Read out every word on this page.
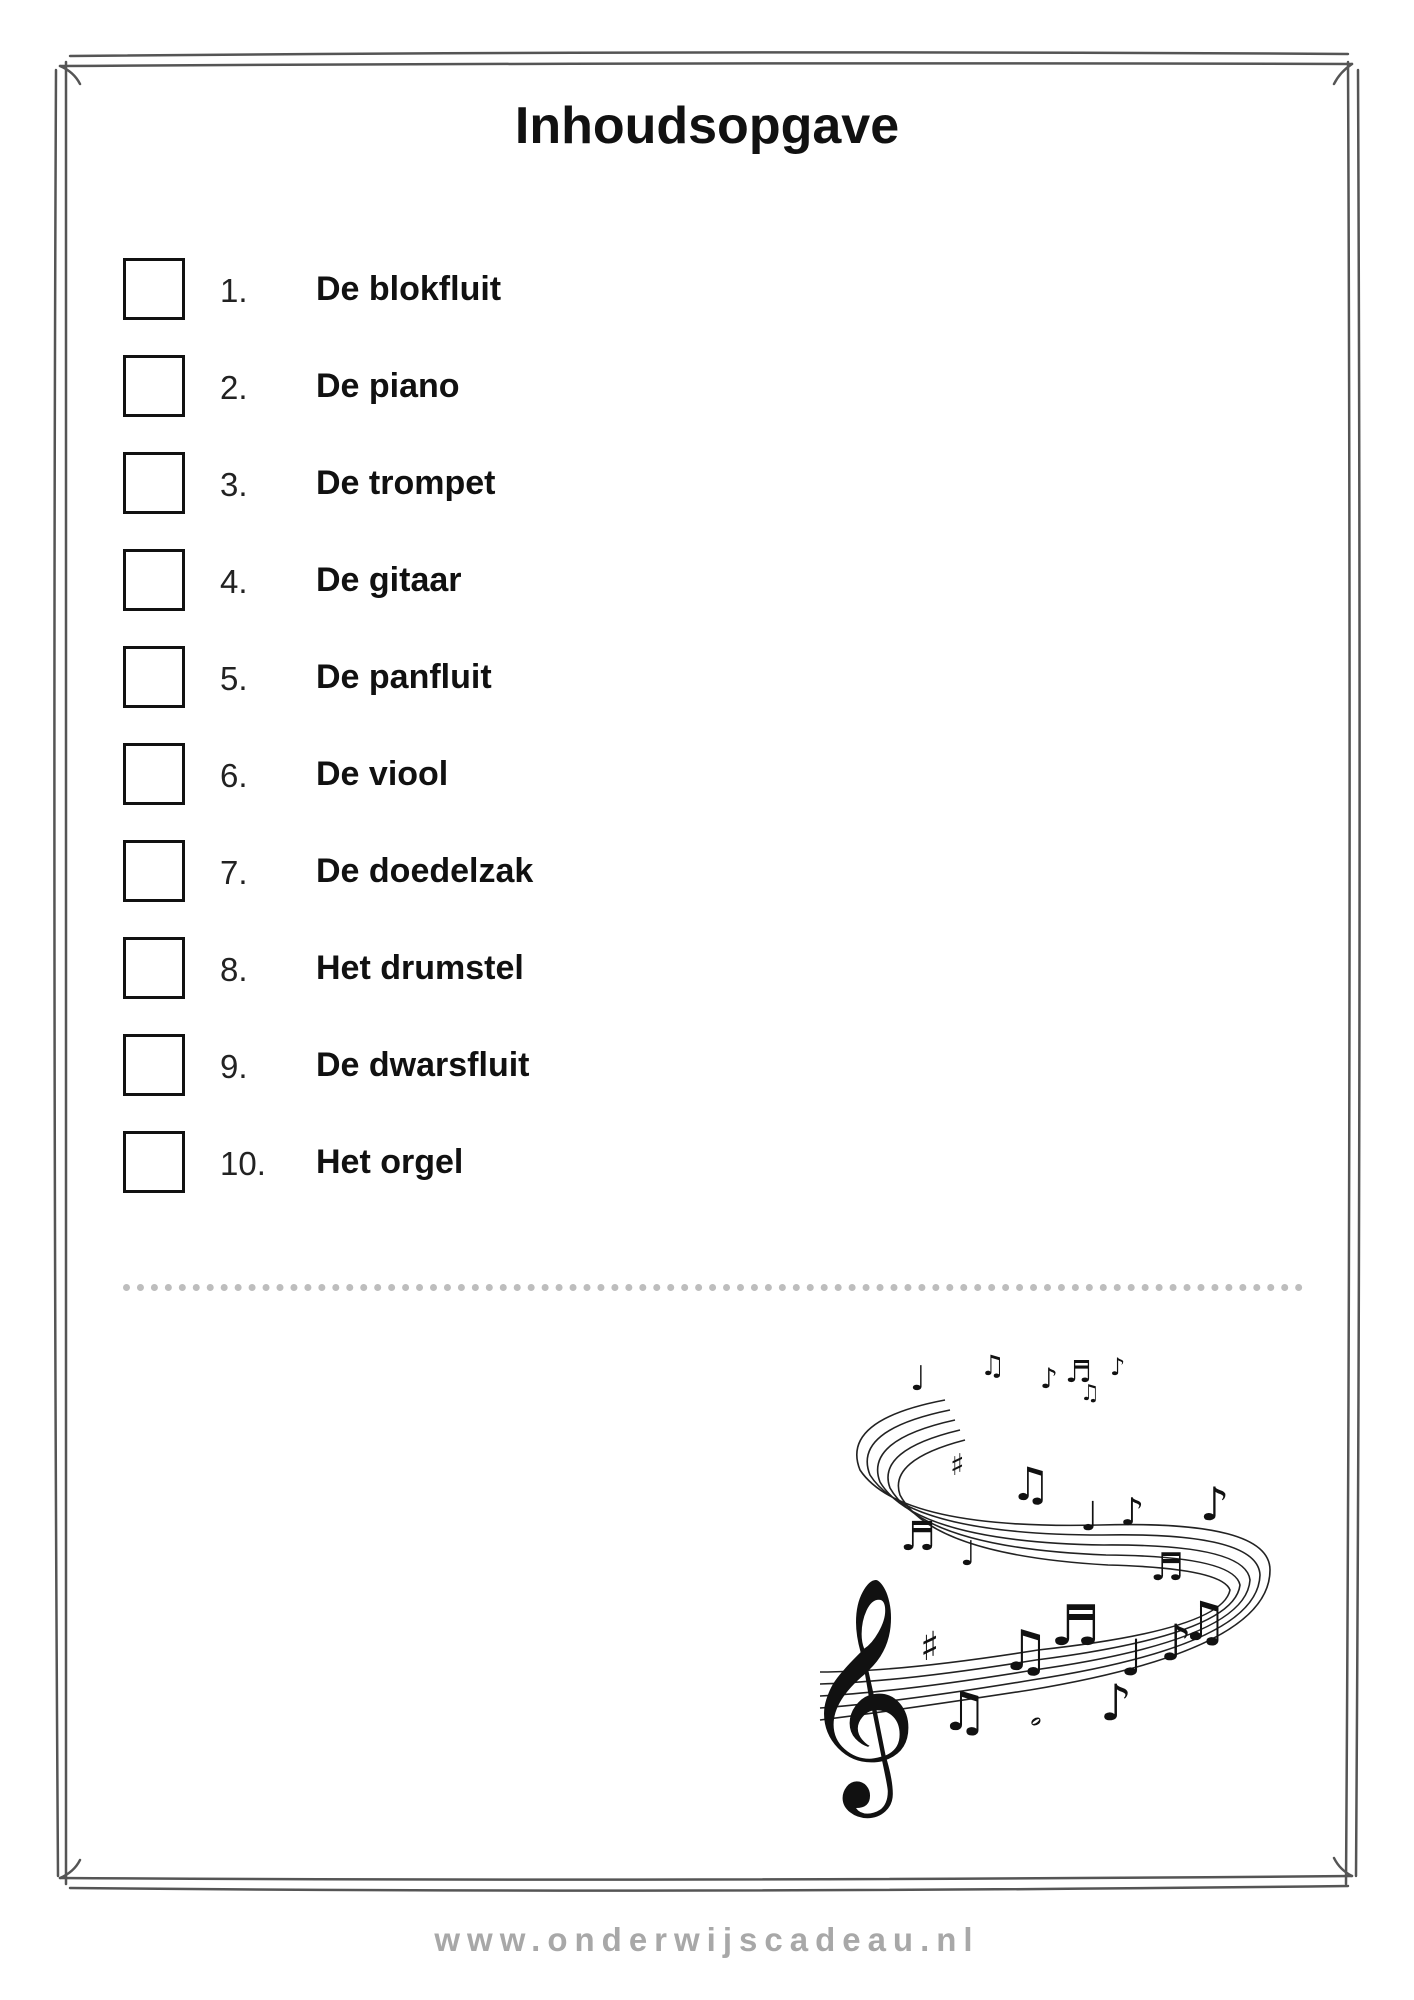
Inhoudsopgave
1. De blokfluit
2. De piano
3. De trompet
4. De gitaar
5. De panfluit
6. De viool
7. De doedelzak
8. Het drumstel
9. De dwarsfluit
10. Het orgel
𝄞 ♯
♯
♫ ♬ ♩ ♪
♫
♫ 𝅗 ♪
♫
♩ ♪ ♪
♬
♬ ♩
♩ ♫ ♪ ♬ ♪
♫
www.onderwijscadeau.nl
